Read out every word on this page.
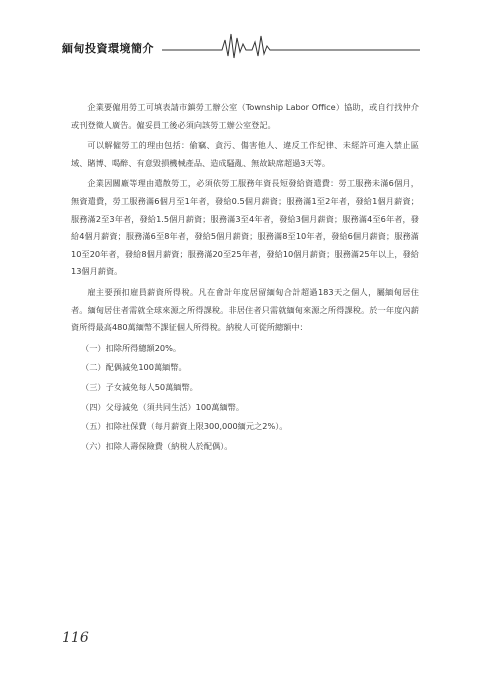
緬甸投資環境簡介

企業要僱用勞工可填表請市鎮勞工辦公室（Township Labor Office）協助，或自行找仲介或刊登徵人廣告。僱妥員工後必須向該勞工辦公室登記。

可以解僱勞工的理由包括：偷竊、貪污、傷害他人、違反工作紀律、未經許可進入禁止區域、賭博、喝醉、有意毀損機械產品、造成騷亂、無故缺席超過3天等。

企業因關廠等理由遣散勞工，必須依勞工服務年資長短發給資遣費：勞工服務未滿6個月，無資遣費，勞工服務滿6個月至1年者，發給0.5個月薪資；服務滿1至2年者，發給1個月薪資；服務滿2至3年者，發給1.5個月薪資；服務滿3至4年者，發給3個月薪資；服務滿4至6年者，發給4個月薪資；服務滿6至8年者，發給5個月薪資；服務滿8至10年者，發給6個月薪資；服務滿10至20年者，發給8個月薪資；服務滿20至25年者，發給10個月薪資；服務滿25年以上，發給13個月薪資。

雇主要預扣雇員薪資所得稅。凡在會計年度居留緬甸合計超過183天之個人，屬緬甸居住者。緬甸居住者需就全球來源之所得課稅。非居住者只需就緬甸來源之所得課稅。於一年度內薪資所得最高480萬緬幣不課征個人所得稅。納稅人可從所總額中：

（一）扣除所得總額20%。
（二）配偶減免100萬緬幣。
（三）子女減免每人50萬緬幣。
（四）父母減免（須共同生活）100萬緬幣。
（五）扣除社保費（每月薪資上限300,000緬元之2%）。
（六）扣除人壽保險費（納稅人於配偶）。
116
